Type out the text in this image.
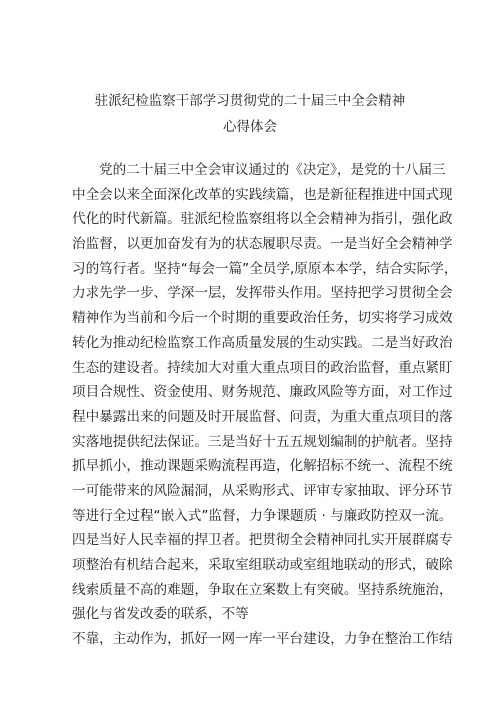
驻派纪检监察干部学习贯彻党的二十届三中全会精神
心得体会
党的二十届三中全会审议通过的《决定》，是党的十八届三
中全会以来全面深化改革的实践续篇，也是新征程推进中国式现
代化的时代新篇。驻派纪检监察组将以全会精神为指引，强化政
治监督，以更加奋发有为的状态履职尽责。一是当好全会精神学
习的笃行者。坚持“每会一篇”全员学,原原本本学，结合实际学，
力求先学一步、学深一层，发挥带头作用。坚持把学习贯彻全会
精神作为当前和今后一个时期的重要政治任务，切实将学习成效
转化为推动纪检监察工作高质量发展的生动实践。二是当好政治
生态的建设者。持续加大对重大重点项目的政治监督，重点紧盯
项目合规性、资金使用、财务规范、廉政风险等方面，对工作过
程中暴露出来的问题及时开展监督、问责，为重大重点项目的落
实落地提供纪法保证。三是当好十五五规划编制的护航者。坚持
抓早抓小，推动课题采购流程再造，化解招标不统一、流程不统
一可能带来的风险漏洞，从采购形式、评审专家抽取、评分环节
等进行全过程“嵌入式”监督，力争课题质 · 与廉政防控双一流。
四是当好人民幸福的捍卫者。把贯彻全会精神同扎实开展群腐专
项整治有机结合起来，采取室组联动或室组地联动的形式，破除
线索质量不高的难题，争取在立案数上有突破。坚持系统施治，
强化与省发改委的联系，不等
不靠，主动作为，抓好一网一库一平台建设，力争在整治工作结
